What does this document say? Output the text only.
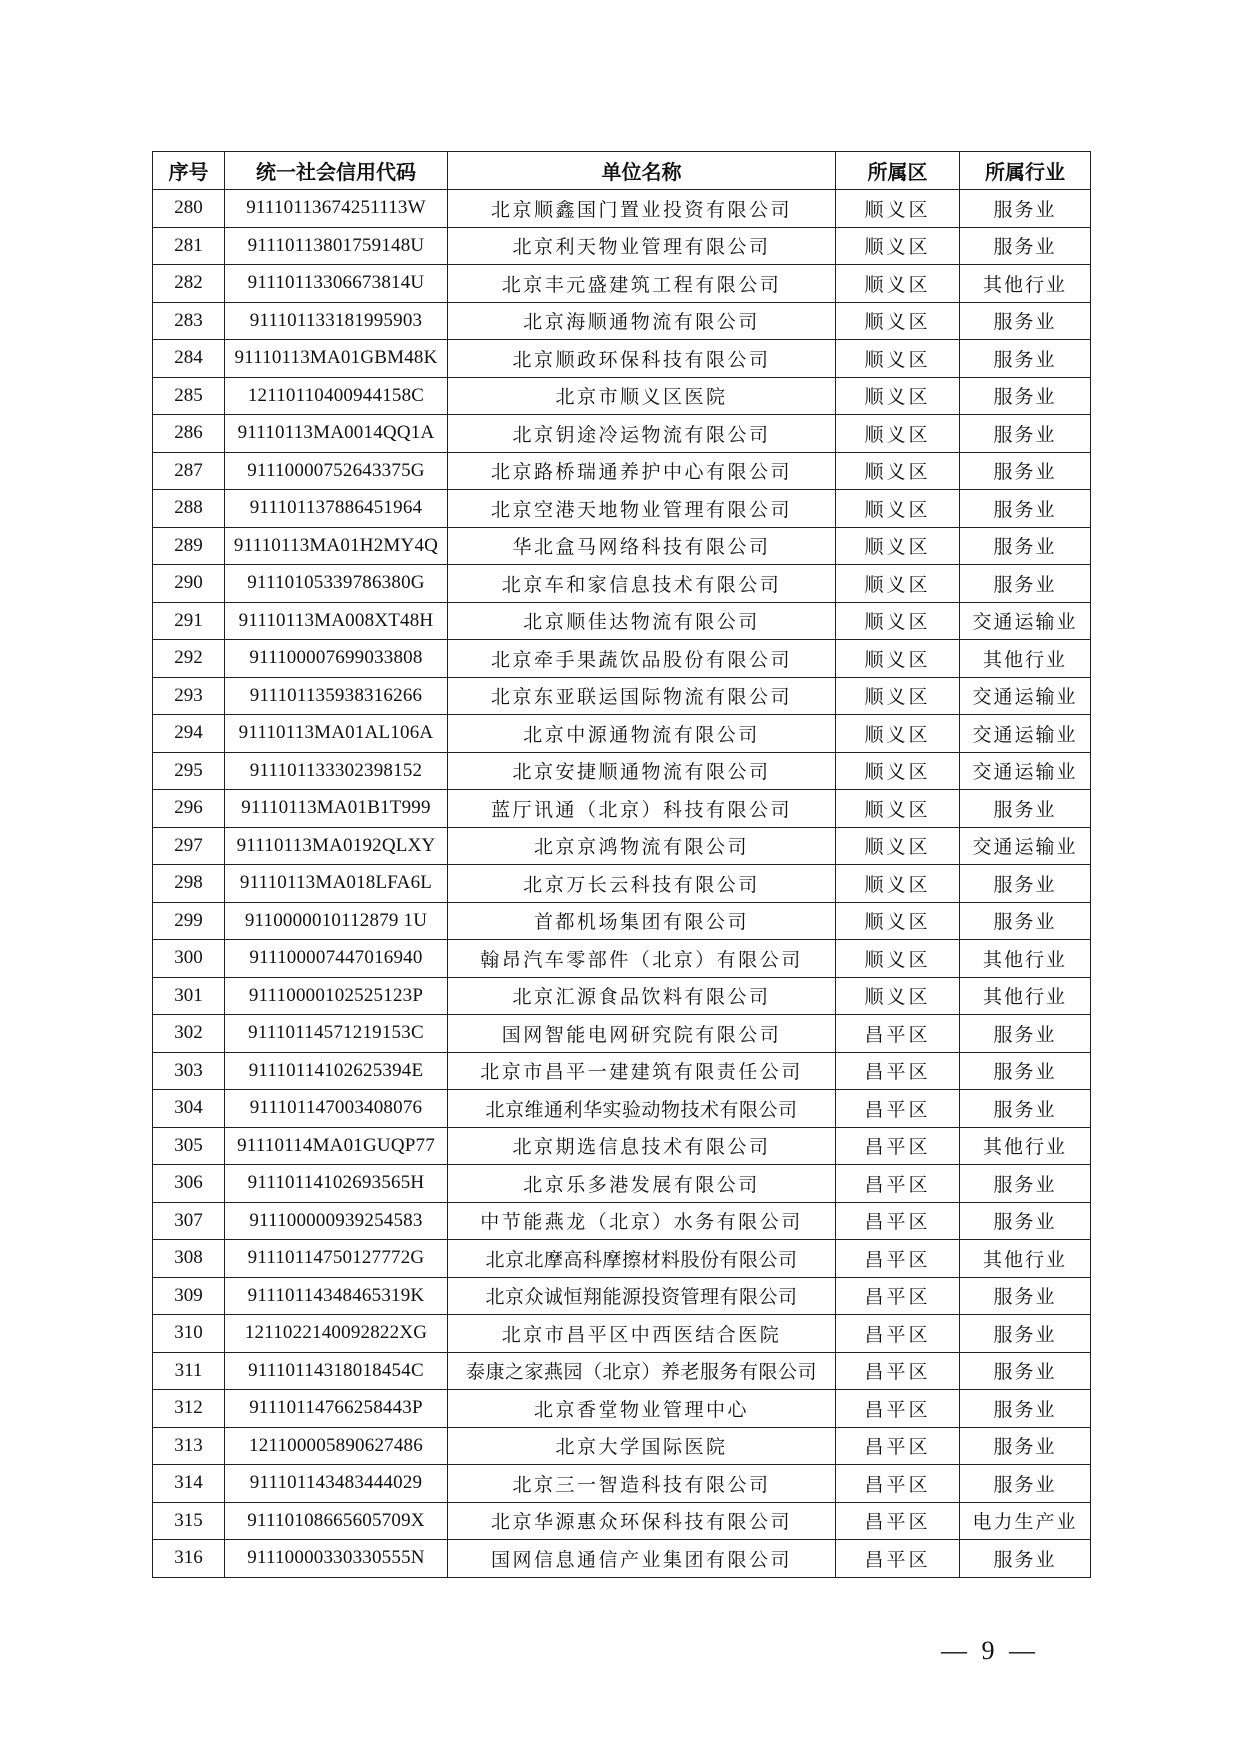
序号	统一社会信用代码	单位名称	所属区	所属行业
280	91110113674251113W	北京顺鑫国门置业投资有限公司	顺义区	服务业
281	91110113801759148U	北京利天物业管理有限公司	顺义区	服务业
282	91110113306673814U	北京丰元盛建筑工程有限公司	顺义区	其他行业
283	911101133181995903	北京海顺通物流有限公司	顺义区	服务业
284	91110113MA01GBM48K	北京顺政环保科技有限公司	顺义区	服务业
285	12110110400944158C	北京市顺义区医院	顺义区	服务业
286	91110113MA0014QQ1A	北京钥途冷运物流有限公司	顺义区	服务业
287	91110000752643375G	北京路桥瑞通养护中心有限公司	顺义区	服务业
288	911101137886451964	北京空港天地物业管理有限公司	顺义区	服务业
289	91110113MA01H2MY4Q	华北盒马网络科技有限公司	顺义区	服务业
290	91110105339786380G	北京车和家信息技术有限公司	顺义区	服务业
291	91110113MA008XT48H	北京顺佳达物流有限公司	顺义区	交通运输业
292	911100007699033808	北京牵手果蔬饮品股份有限公司	顺义区	其他行业
293	911101135938316266	北京东亚联运国际物流有限公司	顺义区	交通运输业
294	91110113MA01AL106A	北京中源通物流有限公司	顺义区	交通运输业
295	911101133302398152	北京安捷顺通物流有限公司	顺义区	交通运输业
296	91110113MA01B1T999	蓝厅讯通（北京）科技有限公司	顺义区	服务业
297	91110113MA0192QLXY	北京京鸿物流有限公司	顺义区	交通运输业
298	91110113MA018LFA6L	北京万长云科技有限公司	顺义区	服务业
299	9110000010112879 1U	首都机场集团有限公司	顺义区	服务业
300	911100007447016940	翰昂汽车零部件（北京）有限公司	顺义区	其他行业
301	91110000102525123P	北京汇源食品饮料有限公司	顺义区	其他行业
302	91110114571219153C	国网智能电网研究院有限公司	昌平区	服务业
303	91110114102625394E	北京市昌平一建建筑有限责任公司	昌平区	服务业
304	911101147003408076	北京维通利华实验动物技术有限公司	昌平区	服务业
305	91110114MA01GUQP77	北京期选信息技术有限公司	昌平区	其他行业
306	91110114102693565H	北京乐多港发展有限公司	昌平区	服务业
307	911100000939254583	中节能燕龙（北京）水务有限公司	昌平区	服务业
308	91110114750127772G	北京北摩高科摩擦材料股份有限公司	昌平区	其他行业
309	91110114348465319K	北京众诚恒翔能源投资管理有限公司	昌平区	服务业
310	1211022140092822XG	北京市昌平区中西医结合医院	昌平区	服务业
311	91110114318018454C	泰康之家燕园（北京）养老服务有限公司	昌平区	服务业
312	91110114766258443P	北京香堂物业管理中心	昌平区	服务业
313	121100005890627486	北京大学国际医院	昌平区	服务业
314	911101143483444029	北京三一智造科技有限公司	昌平区	服务业
315	91110108665605709X	北京华源惠众环保科技有限公司	昌平区	电力生产业
316	91110000330330555N	国网信息通信产业集团有限公司	昌平区	服务业
— 9 —
